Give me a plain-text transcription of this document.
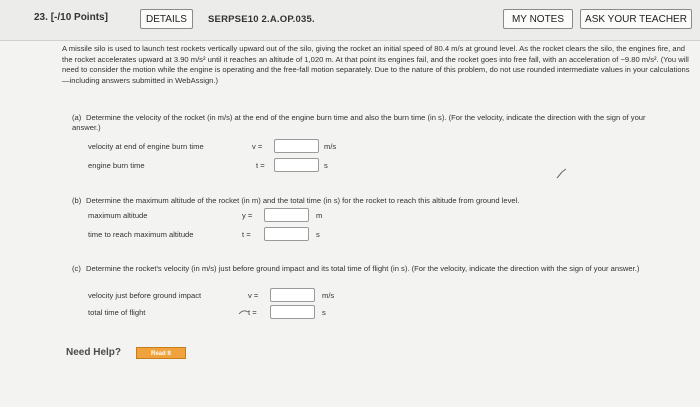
23. [-/10 Points]	DETAILS	SERPSE10 2.A.OP.035.	MY NOTES	ASK YOUR TEACHER

A missile silo is used to launch test rockets vertically upward out of the silo, giving the rocket an initial speed of 80.4 m/s at ground level. As the rocket clears the silo, the engines fire, and the rocket accelerates upward at 3.90 m/s² until it reaches an altitude of 1,020 m. At that point its engines fail, and the rocket goes into free fall, with an acceleration of −9.80 m/s². (You will need to consider the motion while the engine is operating and the free-fall motion separately. Due to the nature of this problem, do not use rounded intermediate values in your calculations—including answers submitted in WebAssign.)

(a) Determine the velocity of the rocket (in m/s) at the end of the engine burn time and also the burn time (in s). (For the velocity, indicate the direction with the sign of your answer.)

velocity at end of engine burn time	v =	m/s
engine burn time	t =	s

(b) Determine the maximum altitude of the rocket (in m) and the total time (in s) for the rocket to reach this altitude from ground level.

maximum altitude	y =	m
time to reach maximum altitude	t =	s

(c) Determine the rocket's velocity (in m/s) just before ground impact and its total time of flight (in s). (For the velocity, indicate the direction with the sign of your answer.)

velocity just before ground impact	v =	m/s
total time of flight	t =	s
Need Help?	Read It
